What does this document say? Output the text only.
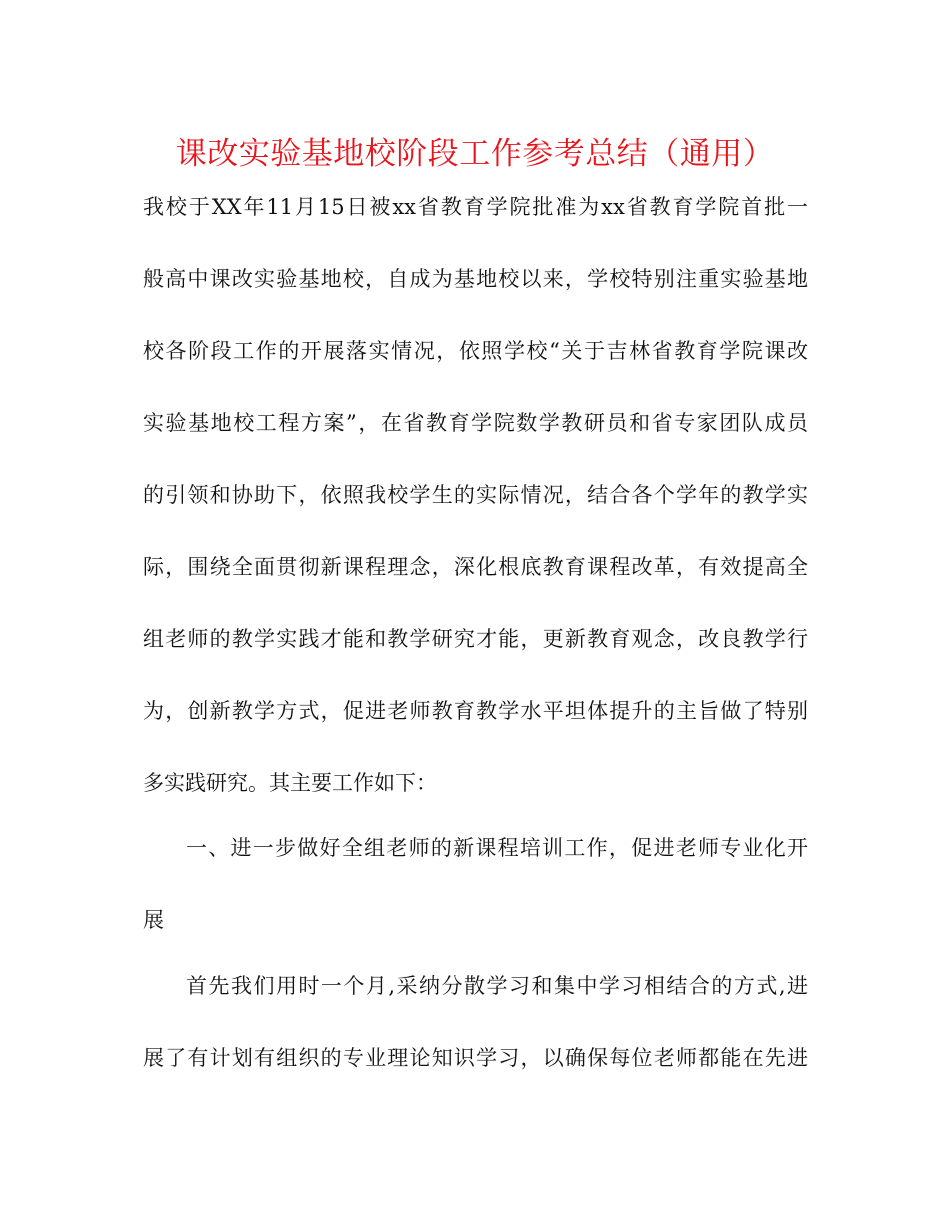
课改实验基地校阶段工作参考总结（通用）
我校于XX年11月15日被xx省教育学院批准为xx省教育学院首批一
般高中课改实验基地校，自成为基地校以来，学校特别注重实验基地
校各阶段工作的开展落实情况，依照学校“关于吉林省教育学院课改
实验基地校工程方案”，在省教育学院数学教研员和省专家团队成员
的引领和协助下，依照我校学生的实际情况，结合各个学年的教学实
际，围绕全面贯彻新课程理念，深化根底教育课程改革，有效提高全
组老师的教学实践才能和教学研究才能，更新教育观念，改良教学行
为，创新教学方式，促进老师教育教学水平坦体提升的主旨做了特别
多实践研究。其主要工作如下：
一、进一步做好全组老师的新课程培训工作，促进老师专业化开
展
首先我们用时一个月,采纳分散学习和集中学习相结合的方式,进
展了有计划有组织的专业理论知识学习，以确保每位老师都能在先进
